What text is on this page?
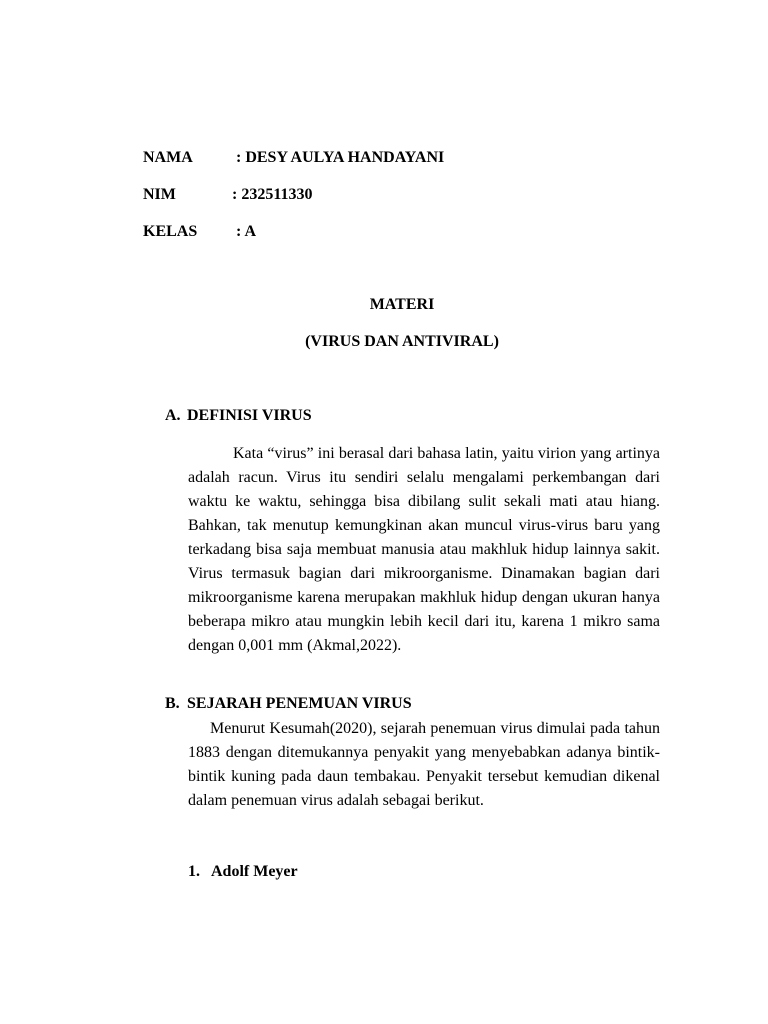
NAMA	: DESY AULYA HANDAYANI
NIM	: 232511330
KELAS : A
MATERI
(VIRUS DAN ANTIVIRAL)
A. DEFINISI VIRUS

Kata “virus” ini berasal dari bahasa latin, yaitu virion yang artinya adalah racun. Virus itu sendiri selalu mengalami perkembangan dari waktu ke waktu, sehingga bisa dibilang sulit sekali mati atau hiang. Bahkan, tak menutup kemungkinan akan muncul virus-virus baru yang terkadang bisa saja membuat manusia atau makhluk hidup lainnya sakit. Virus termasuk bagian dari mikroorganisme. Dinamakan bagian dari mikroorganisme karena merupakan makhluk hidup dengan ukuran hanya beberapa mikro atau mungkin lebih kecil dari itu, karena 1 mikro sama dengan 0,001 mm (Akmal,2022).

B. SEJARAH PENEMUAN VIRUS

Menurut Kesumah(2020), sejarah penemuan virus dimulai pada tahun 1883 dengan ditemukannya penyakit yang menyebabkan adanya bintik-bintik kuning pada daun tembakau. Penyakit tersebut kemudian dikenal dalam penemuan virus adalah sebagai berikut.

1. Adolf Meyer
